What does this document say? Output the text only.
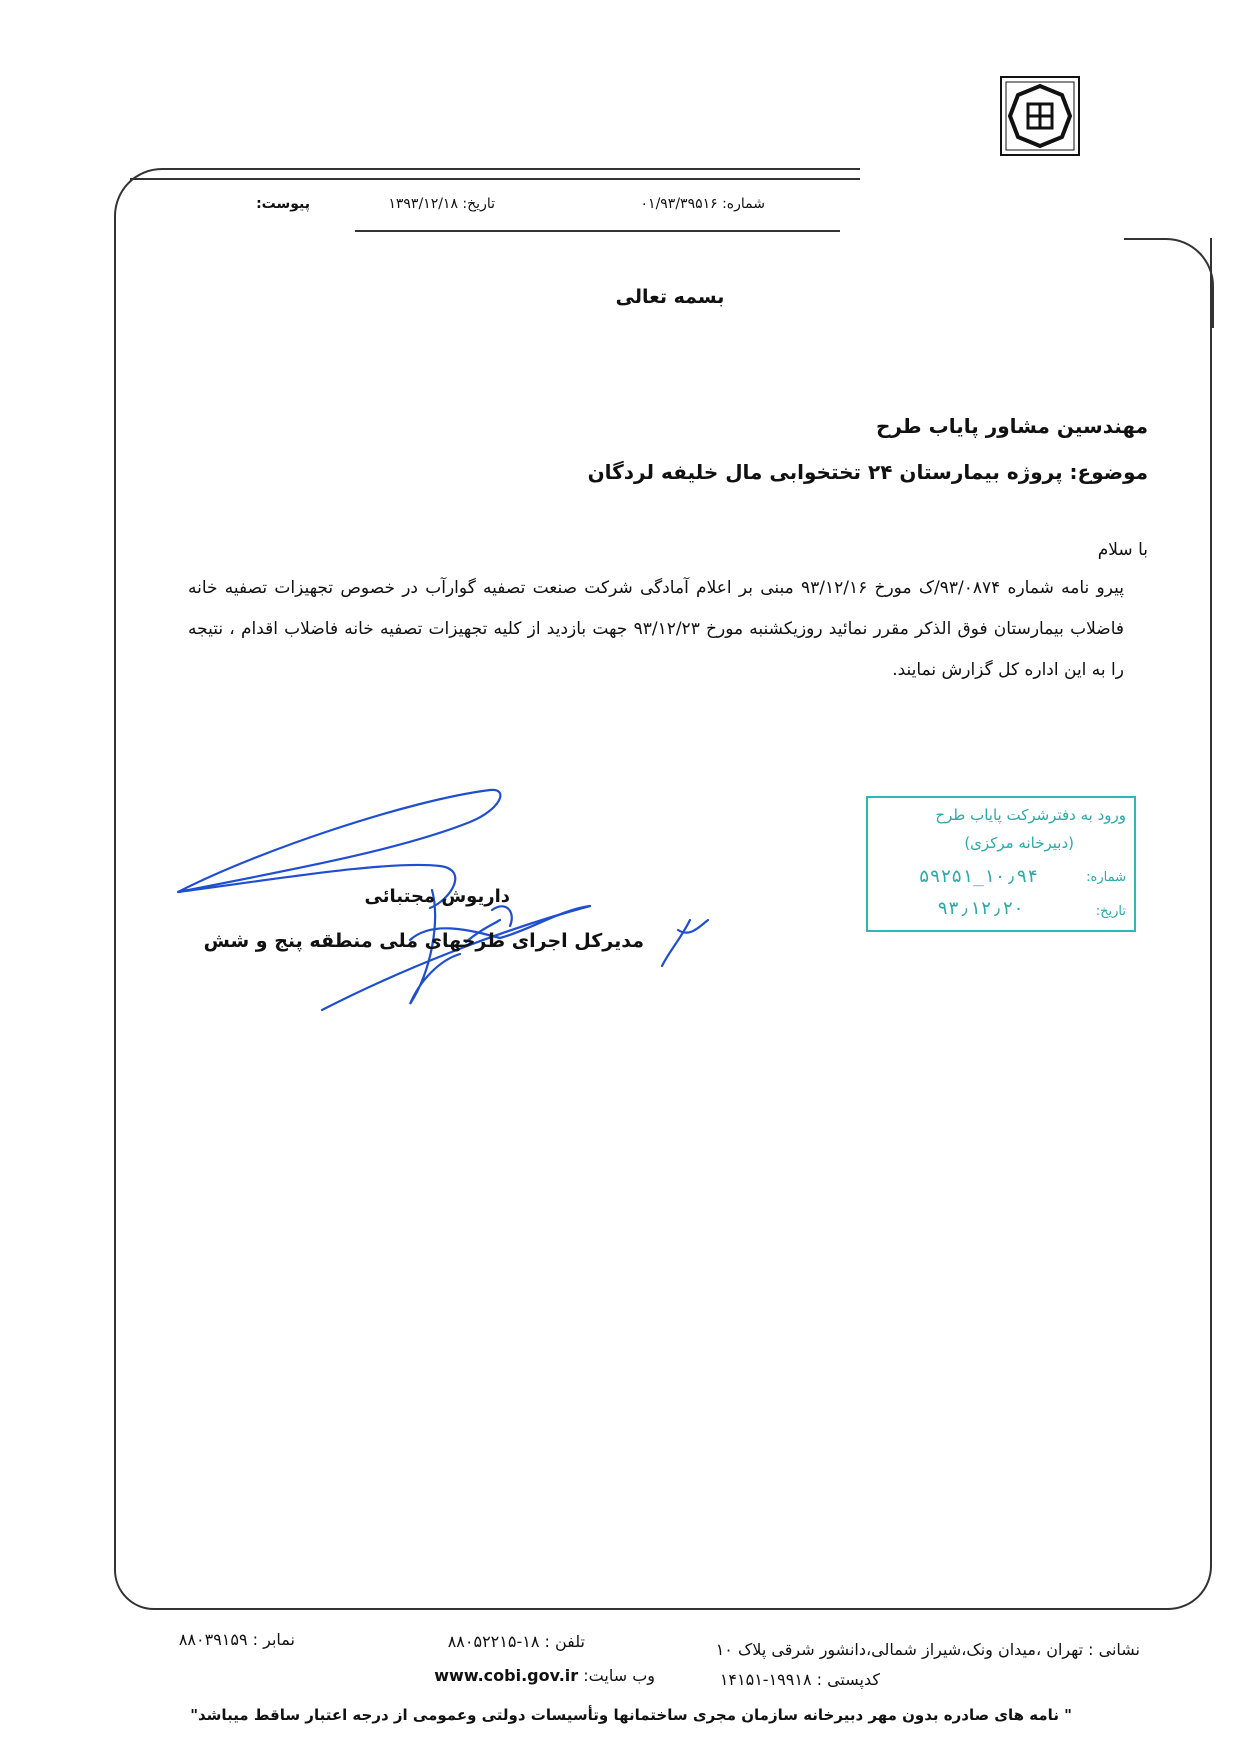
شماره: ۰۱/۹۳/۳۹۵۱۶
تاریخ: ۱۳۹۳/۱۲/۱۸
پیوست:
بسمه تعالی
مهندسین مشاور پایاب طرح
موضوع: پروژه بیمارستان ۲۴ تختخوابی مال خلیفه لردگان
با سلام
پیرو نامه شماره ۹۳/۰۸۷۴/ک مورخ ۹۳/۱۲/۱۶ مبنی بر اعلام آمادگی شرکت صنعت تصفیه گوارآب در خصوص تجهیزات تصفیه خانه فاضلاب بیمارستان فوق الذکر مقرر نمائید روزیکشنبه مورخ ۹۳/۱۲/۲۳ جهت بازدید از کلیه تجهیزات تصفیه خانه فاضلاب اقدام ، نتیجه را به این اداره کل گزارش نمایند.
ورود به دفترشرکت پایاب طرح
(دبیرخانه مرکزی)
شماره:
۱۰٫۹۴_۵۹۲۵۱
تاریخ:
۹۳٫۱۲٫۲۰
داریوش مجتبائی
مدیرکل اجرای طرحهای ملی منطقه پنج و شش
نشانی : تهران ،میدان ونک،شیراز شمالی،دانشور شرقی پلاک ۱۰
تلفن : ۱۸-۸۸۰۵۲۲۱۵
نمابر : ۸۸۰۳۹۱۵۹
کدپستی : ۱۹۹۱۸-۱۴۱۵۱
وب سایت: www.cobi.gov.ir
" نامه های صادره بدون مهر دبیرخانه سازمان مجری ساختمانها وتأسیسات دولتی وعمومی از درجه اعتبار ساقط میباشد"
